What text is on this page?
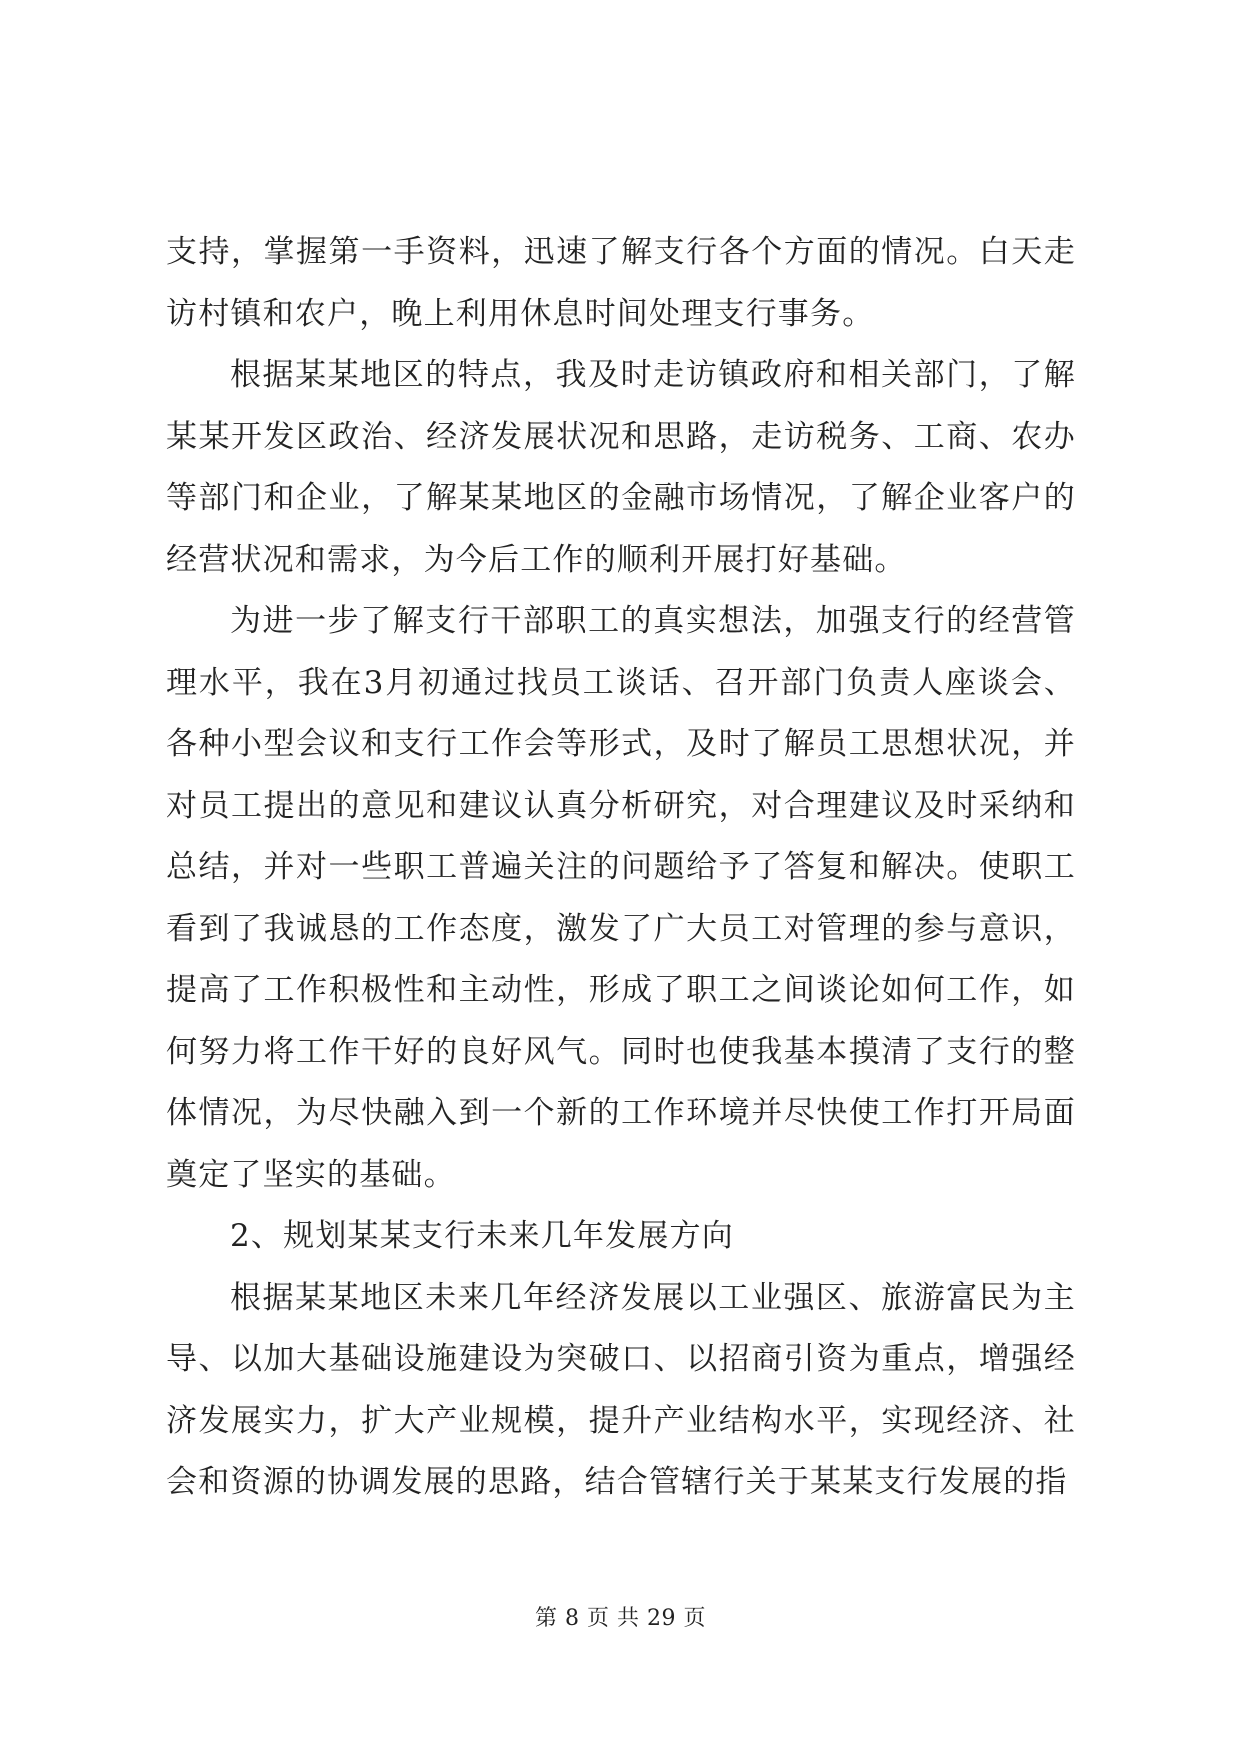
支持，掌握第一手资料，迅速了解支行各个方面的情况。白天走访村镇和农户，晚上利用休息时间处理支行事务。

根据某某地区的特点，我及时走访镇政府和相关部门，了解某某开发区政治、经济发展状况和思路，走访税务、工商、农办等部门和企业，了解某某地区的金融市场情况，了解企业客户的经营状况和需求，为今后工作的顺利开展打好基础。

为进一步了解支行干部职工的真实想法，加强支行的经营管理水平，我在3月初通过找员工谈话、召开部门负责人座谈会、各种小型会议和支行工作会等形式，及时了解员工思想状况，并对员工提出的意见和建议认真分析研究，对合理建议及时采纳和总结，并对一些职工普遍关注的问题给予了答复和解决。使职工看到了我诚恳的工作态度，激发了广大员工对管理的参与意识，提高了工作积极性和主动性，形成了职工之间谈论如何工作，如何努力将工作干好的良好风气。同时也使我基本摸清了支行的整体情况，为尽快融入到一个新的工作环境并尽快使工作打开局面奠定了坚实的基础。

2、规划某某支行未来几年发展方向

根据某某地区未来几年经济发展以工业强区、旅游富民为主导、以加大基础设施建设为突破口、以招商引资为重点，增强经济发展实力，扩大产业规模，提升产业结构水平，实现经济、社会和资源的协调发展的思路，结合管辖行关于某某支行发展的指

第 8 页 共 29 页
